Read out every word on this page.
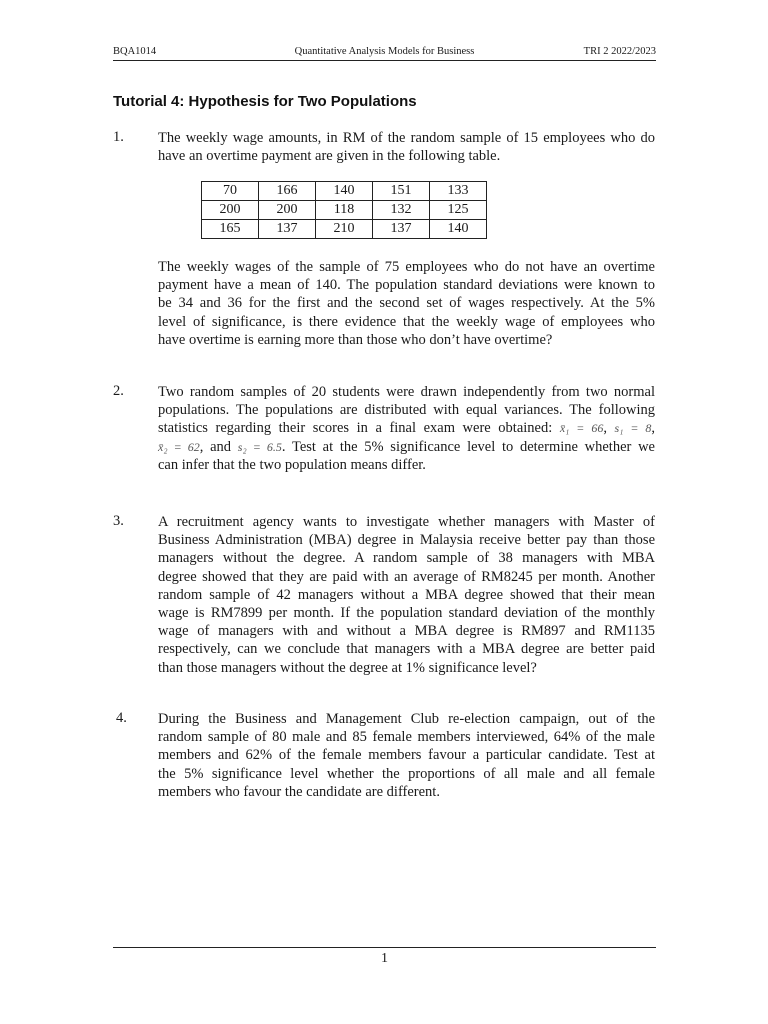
BQA1014	Quantitative Analysis Models for Business	TRI 2 2022/2023
Tutorial 4: Hypothesis for Two Populations
1. The weekly wage amounts, in RM of the random sample of 15 employees who do
have an overtime payment are given in the following table.
70	166	140	151	133
200	200	118	132	125
165	137	210	137	140
The weekly wages of the sample of 75 employees who do not have an overtime
payment have a mean of 140. The population standard deviations were known to
be 34 and 36 for the first and the second set of wages respectively. At the 5%
level of significance, is there evidence that the weekly wage of employees who
have overtime is earning more than those who don’t have overtime?
2. Two random samples of 20 students were drawn independently from two normal
populations. The populations are distributed with equal variances. The following
statistics regarding their scores in a final exam were obtained: x̄₁ = 66, s₁ = 8,
x̄₂ = 62, and s₂ = 6.5. Test at the 5% significance level to determine whether we
can infer that the two population means differ.
3. A recruitment agency wants to investigate whether managers with Master of
Business Administration (MBA) degree in Malaysia receive better pay than those
managers without the degree. A random sample of 38 managers with MBA
degree showed that they are paid with an average of RM8245 per month. Another
random sample of 42 managers without a MBA degree showed that their mean
wage is RM7899 per month. If the population standard deviation of the monthly
wage of managers with and without a MBA degree is RM897 and RM1135
respectively, can we conclude that managers with a MBA degree are better paid
than those managers without the degree at 1% significance level?
4. During the Business and Management Club re-election campaign, out of the
random sample of 80 male and 85 female members interviewed, 64% of the male
members and 62% of the female members favour a particular candidate. Test at
the 5% significance level whether the proportions of all male and all female
members who favour the candidate are different.
1
